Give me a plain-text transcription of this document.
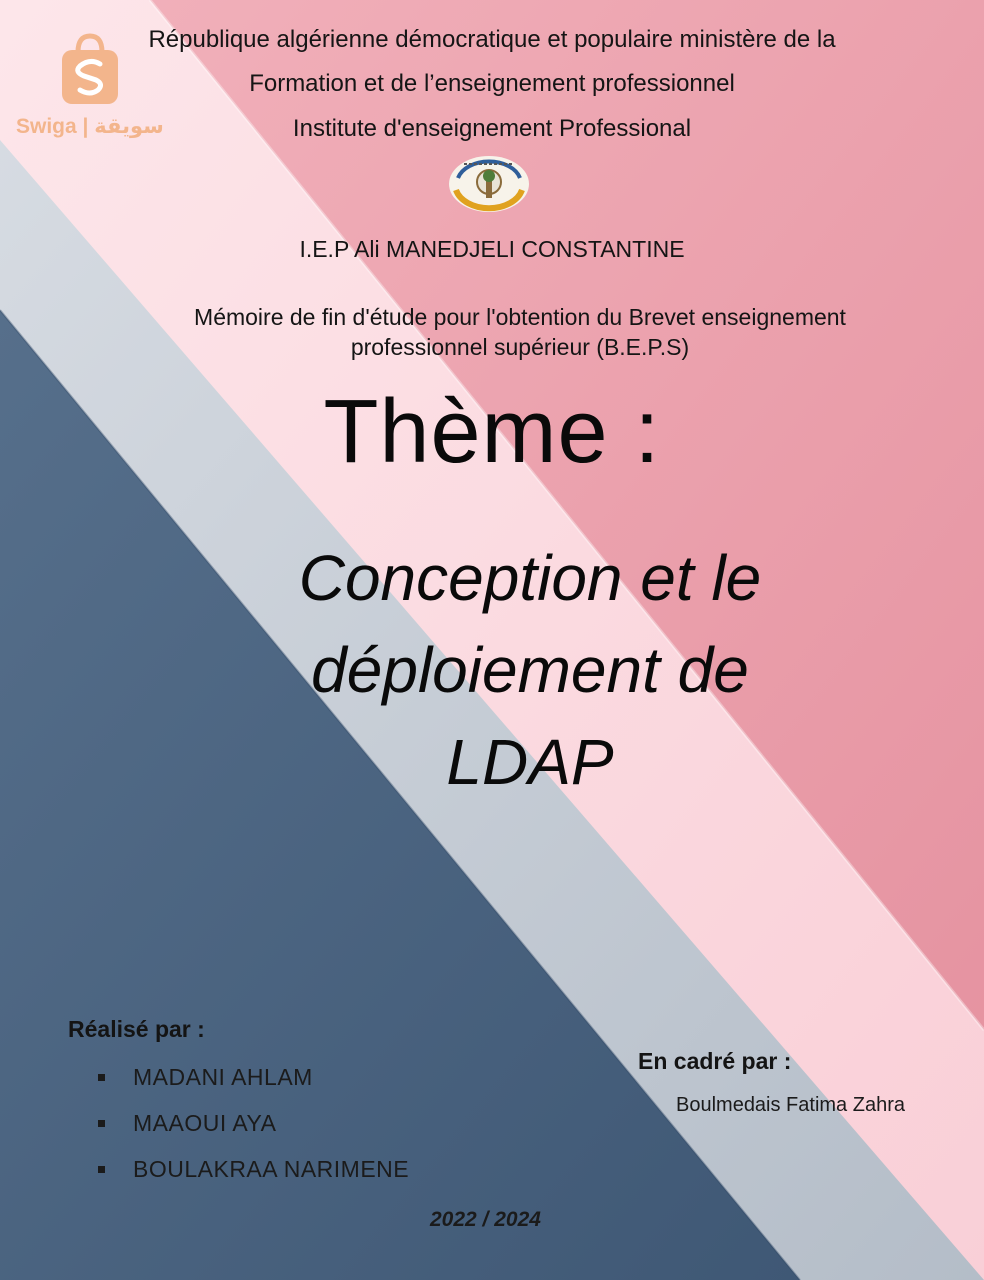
Swiga | سويقة
République algérienne démocratique et populaire ministère de la
Formation et de l’enseignement professionnel
Institute d'enseignement Professional
I.E.P Ali MANEDJELI CONSTANTINE
Mémoire de fin d'étude pour l'obtention du Brevet enseignement professionnel supérieur (B.E.P.S)
Thème :
Conception et le
déploiement de
LDAP
Réalisé par :
MADANI AHLAM
MAAOUI AYA
BOULAKRAA NARIMENE
En cadré par :
Boulmedais Fatima Zahra
2022 / 2024
